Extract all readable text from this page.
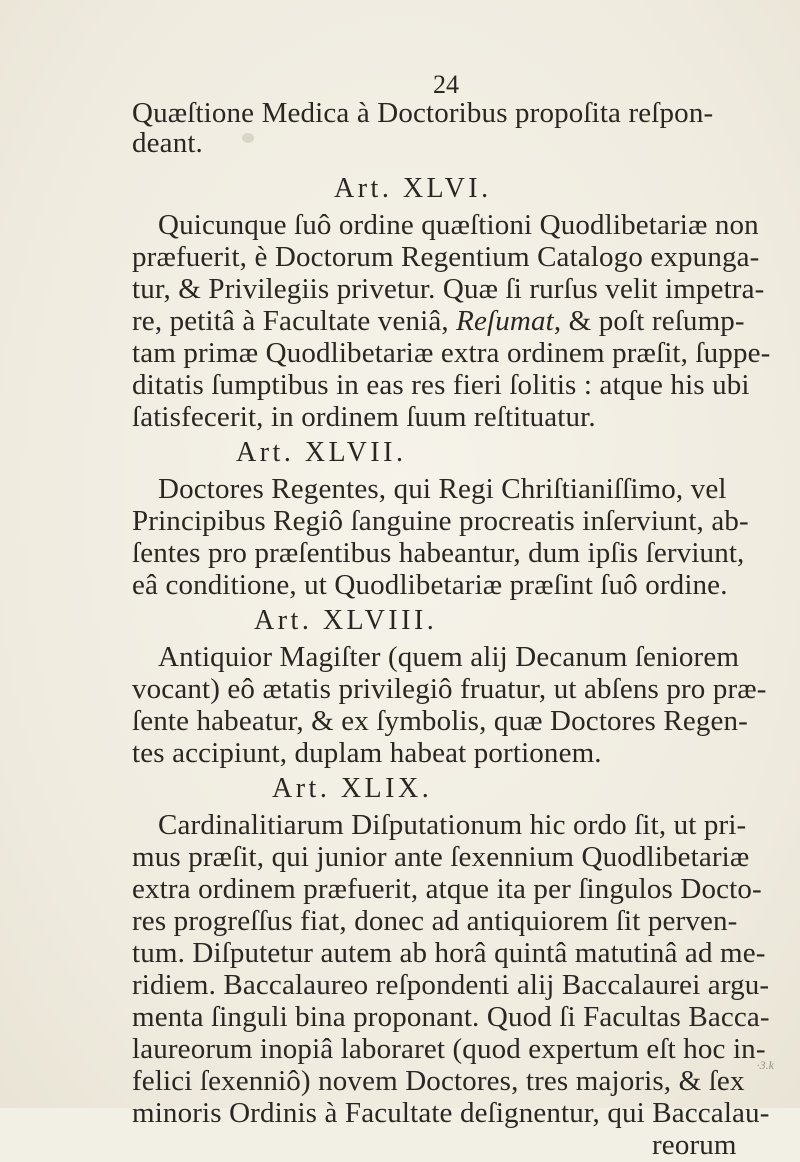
24
Quæſtione Medica à Doctoribus propoſita reſpon-
deant.
Art. XLVI.
Quicunque ſuô ordine quæſtioni Quodlibetariæ non
præfuerit, è Doctorum Regentium Catalogo expunga-
tur, & Privilegiis privetur. Quæ ſi rurſus velit impetra-
re, petitâ à Facultate veniâ, Reſumat, & poſt reſump-
tam primæ Quodlibetariæ extra ordinem præſit, ſuppe-
ditatis ſumptibus in eas res fieri ſolitis : atque his ubi
ſatisfecerit, in ordinem ſuum reſtituatur.
Art. XLVII.
Doctores Regentes, qui Regi Chriſtianiſſimo, vel
Principibus Regiô ſanguine procreatis inſerviunt, ab-
ſentes pro præſentibus habeantur, dum ipſis ſerviunt,
eâ conditione, ut Quodlibetariæ præſint ſuô ordine.
Art. XLVIII.
Antiquior Magiſter (quem alij Decanum ſeniorem
vocant) eô ætatis privilegiô fruatur, ut abſens pro præ-
ſente habeatur, & ex ſymbolis, quæ Doctores Regen-
tes accipiunt, duplam habeat portionem.
Art. XLIX.
Cardinalitiarum Diſputationum hic ordo ſit, ut pri-
mus præſit, qui junior ante ſexennium Quodlibetariæ
extra ordinem præfuerit, atque ita per ſingulos Docto-
res progreſſus fiat, donec ad antiquiorem ſit perven-
tum. Diſputetur autem ab horâ quintâ matutinâ ad me-
ridiem. Baccalaureo reſpondenti alij Baccalaurei argu-
menta ſinguli bina proponant. Quod ſi Facultas Bacca-
laureorum inopiâ laboraret (quod expertum eſt hoc in-
felici ſexenniô) novem Doctores, tres majoris, & ſex
minoris Ordinis à Facultate deſignentur, qui Baccalau-
reorum
·3.k
